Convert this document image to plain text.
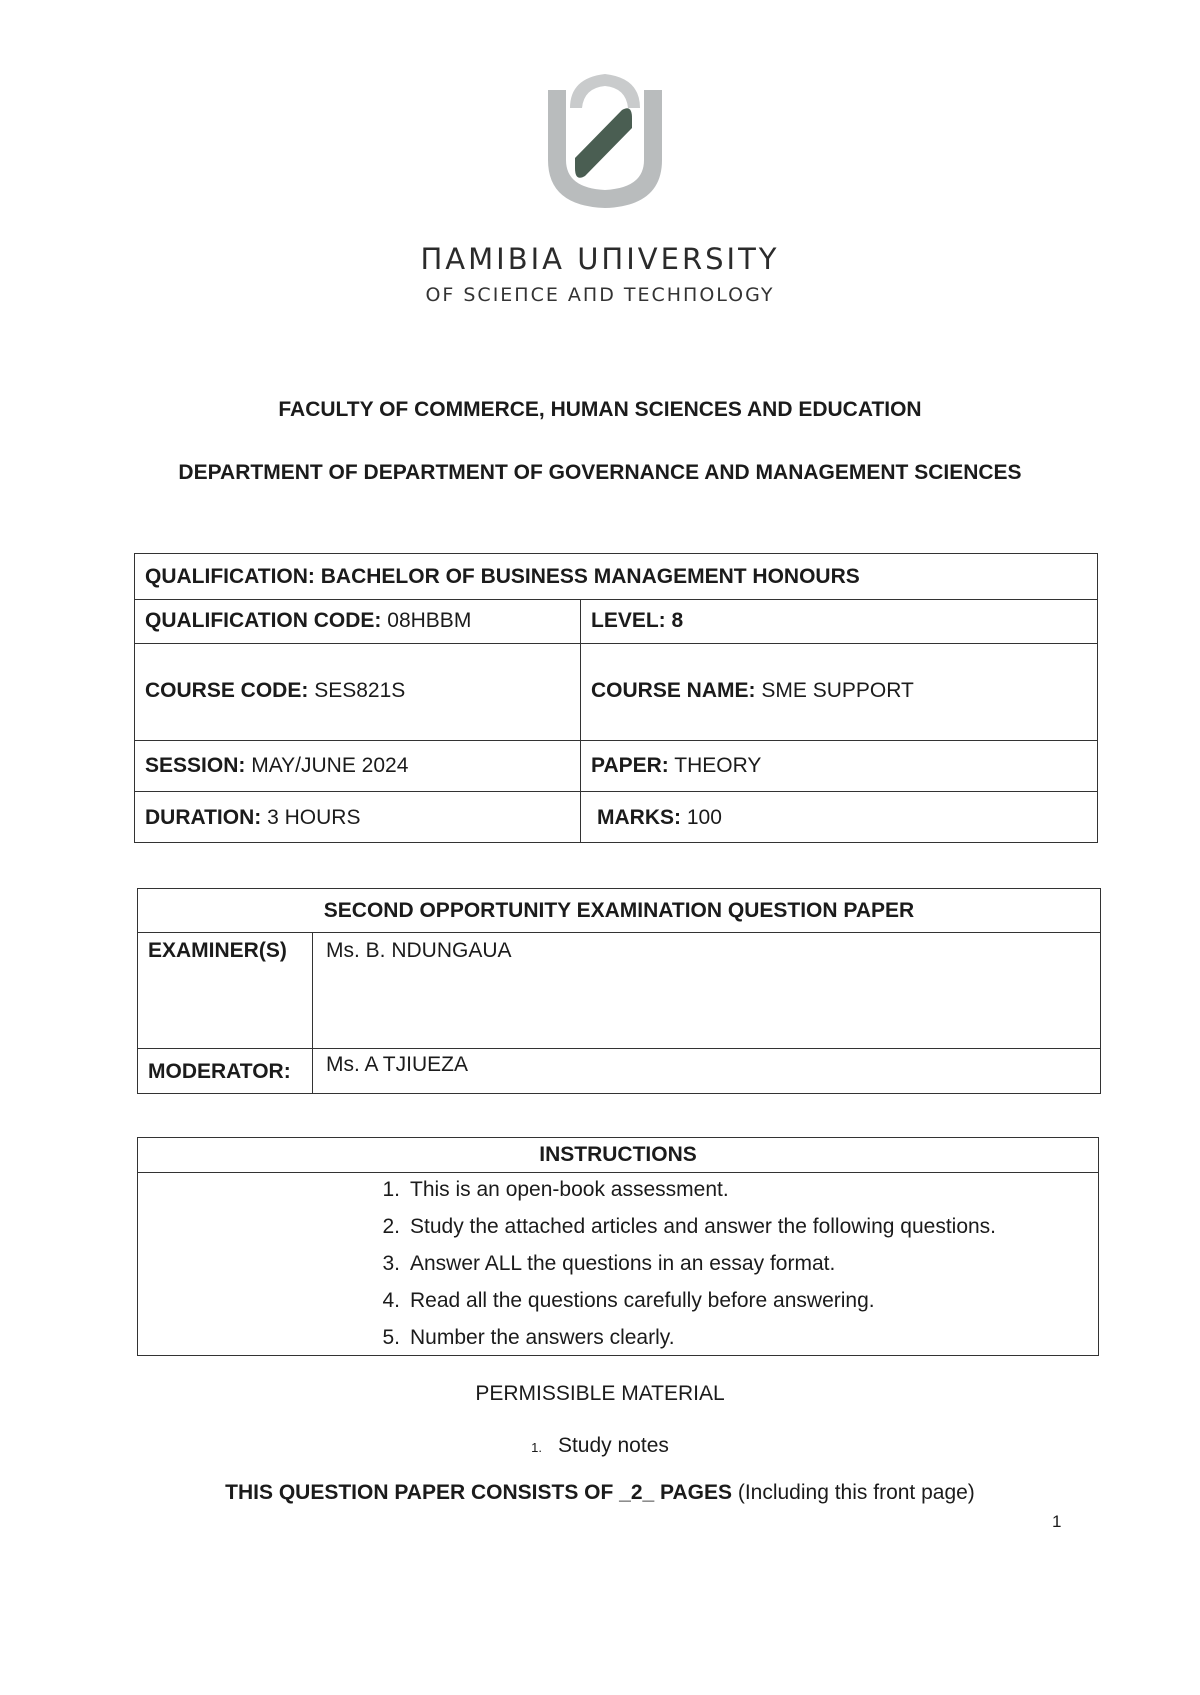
ΠΑΜIΒIΑ UΠIVERSITY
OF SCIEΠCE AΠD TECHΠOLOGY
FACULTY OF COMMERCE, HUMAN SCIENCES AND EDUCATION
DEPARTMENT OF DEPARTMENT OF GOVERNANCE AND MANAGEMENT SCIENCES
QUALIFICATION: BACHELOR OF BUSINESS MANAGEMENT HONOURS
QUALIFICATION CODE: 08HBBM	LEVEL: 8
COURSE CODE: SES821S	COURSE NAME: SME SUPPORT
SESSION: MAY/JUNE 2024	PAPER: THEORY
DURATION: 3 HOURS	MARKS: 100
SECOND OPPORTUNITY EXAMINATION QUESTION PAPER
EXAMINER(S) Ms. B. NDUNGAUA
MODERATOR: Ms. A TJIUEZA
INSTRUCTIONS
1. This is an open-book assessment.
2. Study the attached articles and answer the following questions.
3. Answer ALL the questions in an essay format.
4. Read all the questions carefully before answering.
5. Number the answers clearly.
PERMISSIBLE MATERIAL
1. Study notes
THIS QUESTION PAPER CONSISTS OF _2_ PAGES (Including this front page)
1
